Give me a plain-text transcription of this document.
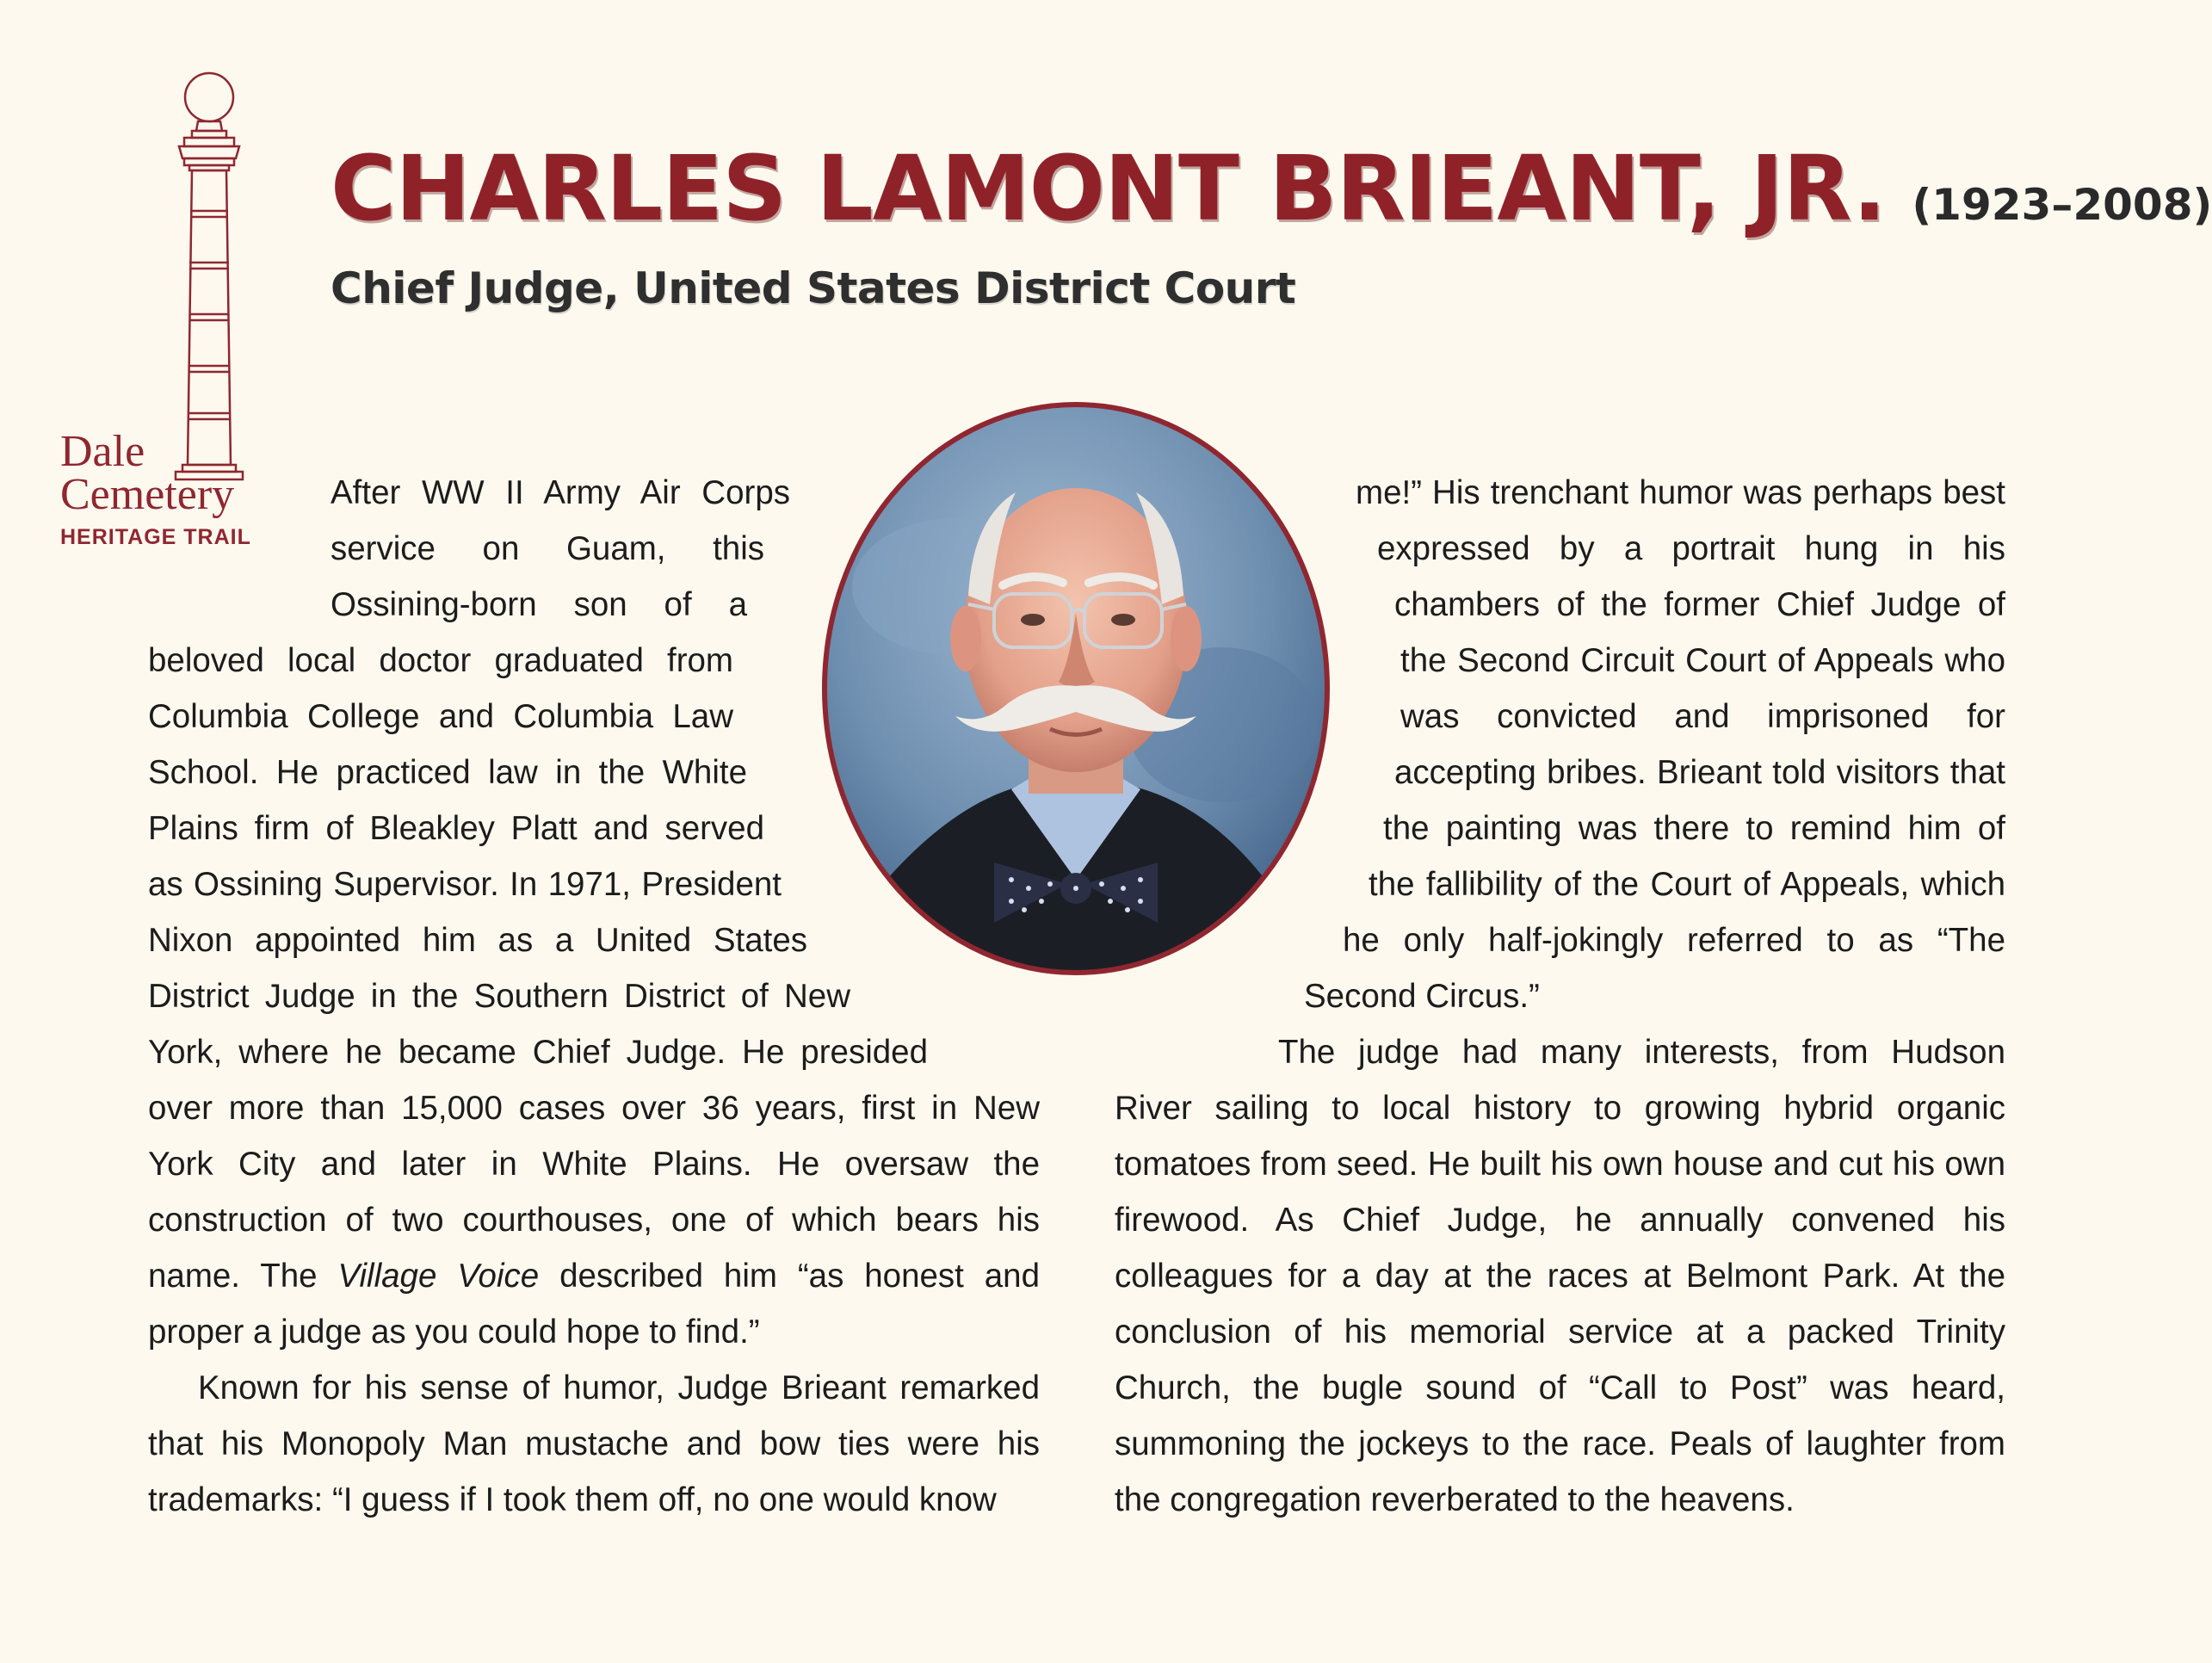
Dale
Cemetery
HERITAGE TRAIL
CHARLES LAMONT BRIEANT, JR. (1923–2008)
Chief Judge, United States District Court

After WW II Army Air Corps service on Guam, this Ossining-born son of a beloved local doctor graduated from Columbia College and Columbia Law School. He practiced law in the White Plains firm of Bleakley Platt and served as Ossining Supervisor. In 1971, President Nixon appointed him as a United States District Judge in the Southern District of New York, where he became Chief Judge. He presided over more than 15,000 cases over 36 years, first in New York City and later in White Plains. He oversaw the construction of two courthouses, one of which bears his name. The Village Voice described him “as honest and proper a judge as you could hope to find.”

Known for his sense of humor, Judge Brieant remarked that his Monopoly Man mustache and bow ties were his trademarks: “I guess if I took them off, no one would know

me!” His trenchant humor was perhaps best expressed by a portrait hung in his chambers of the former Chief Judge of the Second Circuit Court of Appeals who was convicted and imprisoned for accepting bribes. Brieant told visitors that the painting was there to remind him of the fallibility of the Court of Appeals, which he only half-jokingly referred to as “The Second Circus.”

The judge had many interests, from Hudson River sailing to local history to growing hybrid organic tomatoes from seed. He built his own house and cut his own firewood. As Chief Judge, he annually convened his colleagues for a day at the races at Belmont Park. At the conclusion of his memorial service at a packed Trinity Church, the bugle sound of “Call to Post” was heard, summoning the jockeys to the race. Peals of laughter from the congregation reverberated to the heavens.
